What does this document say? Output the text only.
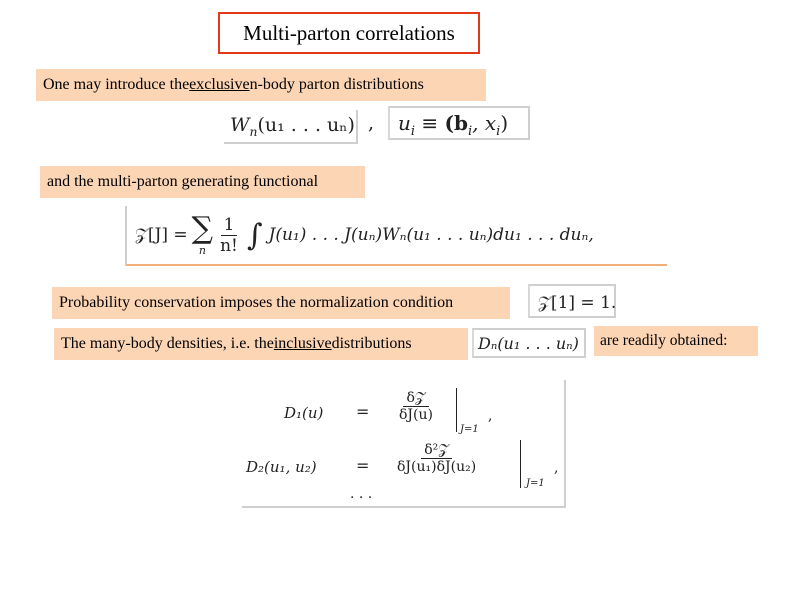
Multi-parton correlations
One may introduce the exclusive n-body parton distributions
$W_n(u_1$ . . . uₙ) ,	$u_i \equiv (b_i$, $x_i$)
and the multi-parton generating functional
𝒵[J] = ∑
n $\frac{1}{n!}$ ∫ J(u₁) . . . J(uₙ)Wₙ(u₁ . . . uₙ)du₁ . . . duₙ,
Probability conservation imposes the normalization condition	𝒵[1] = 1.
The many-body densities, i.e. the inclusive distributions	Dₙ(u₁ . . . uₙ)	are readily obtained:
D₁(u) =
δ𝒵
δJ(u)
J=1
,
D₂(u₁, u₂) =
δ²𝒵
δJ(u₁)δJ(u₂)
J=1
,
. . .
